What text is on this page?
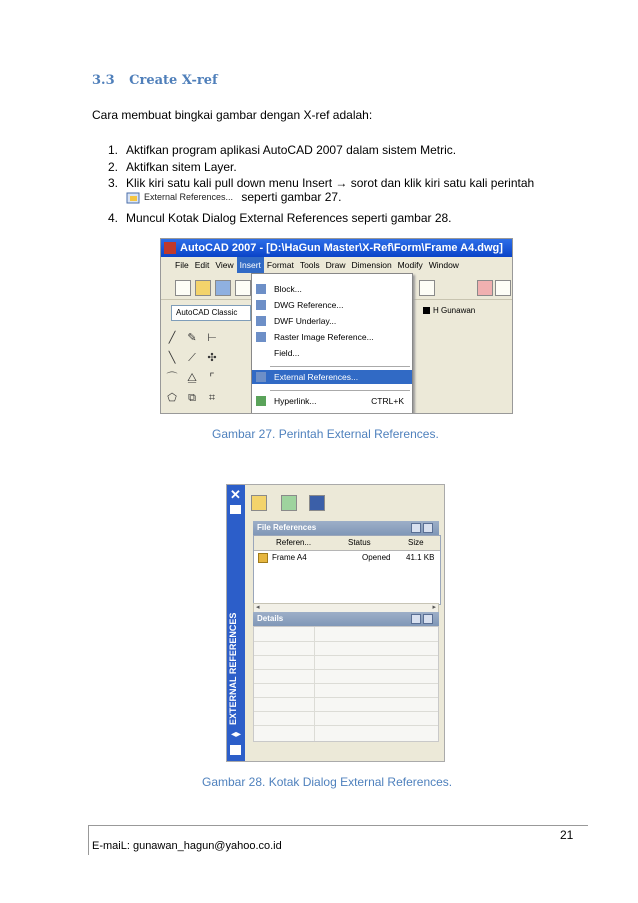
3.3 Create X-ref
Cara membuat bingkai gambar dengan X-ref adalah:
1. Aktifkan program aplikasi AutoCAD 2007 dalam sistem Metric.
2. Aktifkan sitem Layer.
3. Klik kiri satu kali pull down menu Insert → sorot dan klik kiri satu kali perintah
External References... seperti gambar 27.
4. Muncul Kotak Dialog External References seperti gambar 28.
AutoCAD 2007 - [D:\HaGun Master\X-Ref\Form\Frame A4.dwg]
File Edit View Insert Format Tools Draw Dimension Modify Window
AutoCAD Classic	H Gunawan
╱	✎ ⊢
╲	⟋ ✣
⌒ ⧋	⌜
⬠ ⧉	⌗
Block...
DWG Reference...
DWF Underlay...
Raster Image Reference...
Field...
External References...
Hyperlink...	CTRL+K
Gambar 27. Perintah External References.
✕
EXTERNAL REFERENCES
◂▸
File References
Referen...	Status	Size
Frame A4	Opened 41.1 KB
◂	▸
Details
Gambar 28. Kotak Dialog External References.
E-maiL: gunawan_hagun@yahoo.co.id
21
